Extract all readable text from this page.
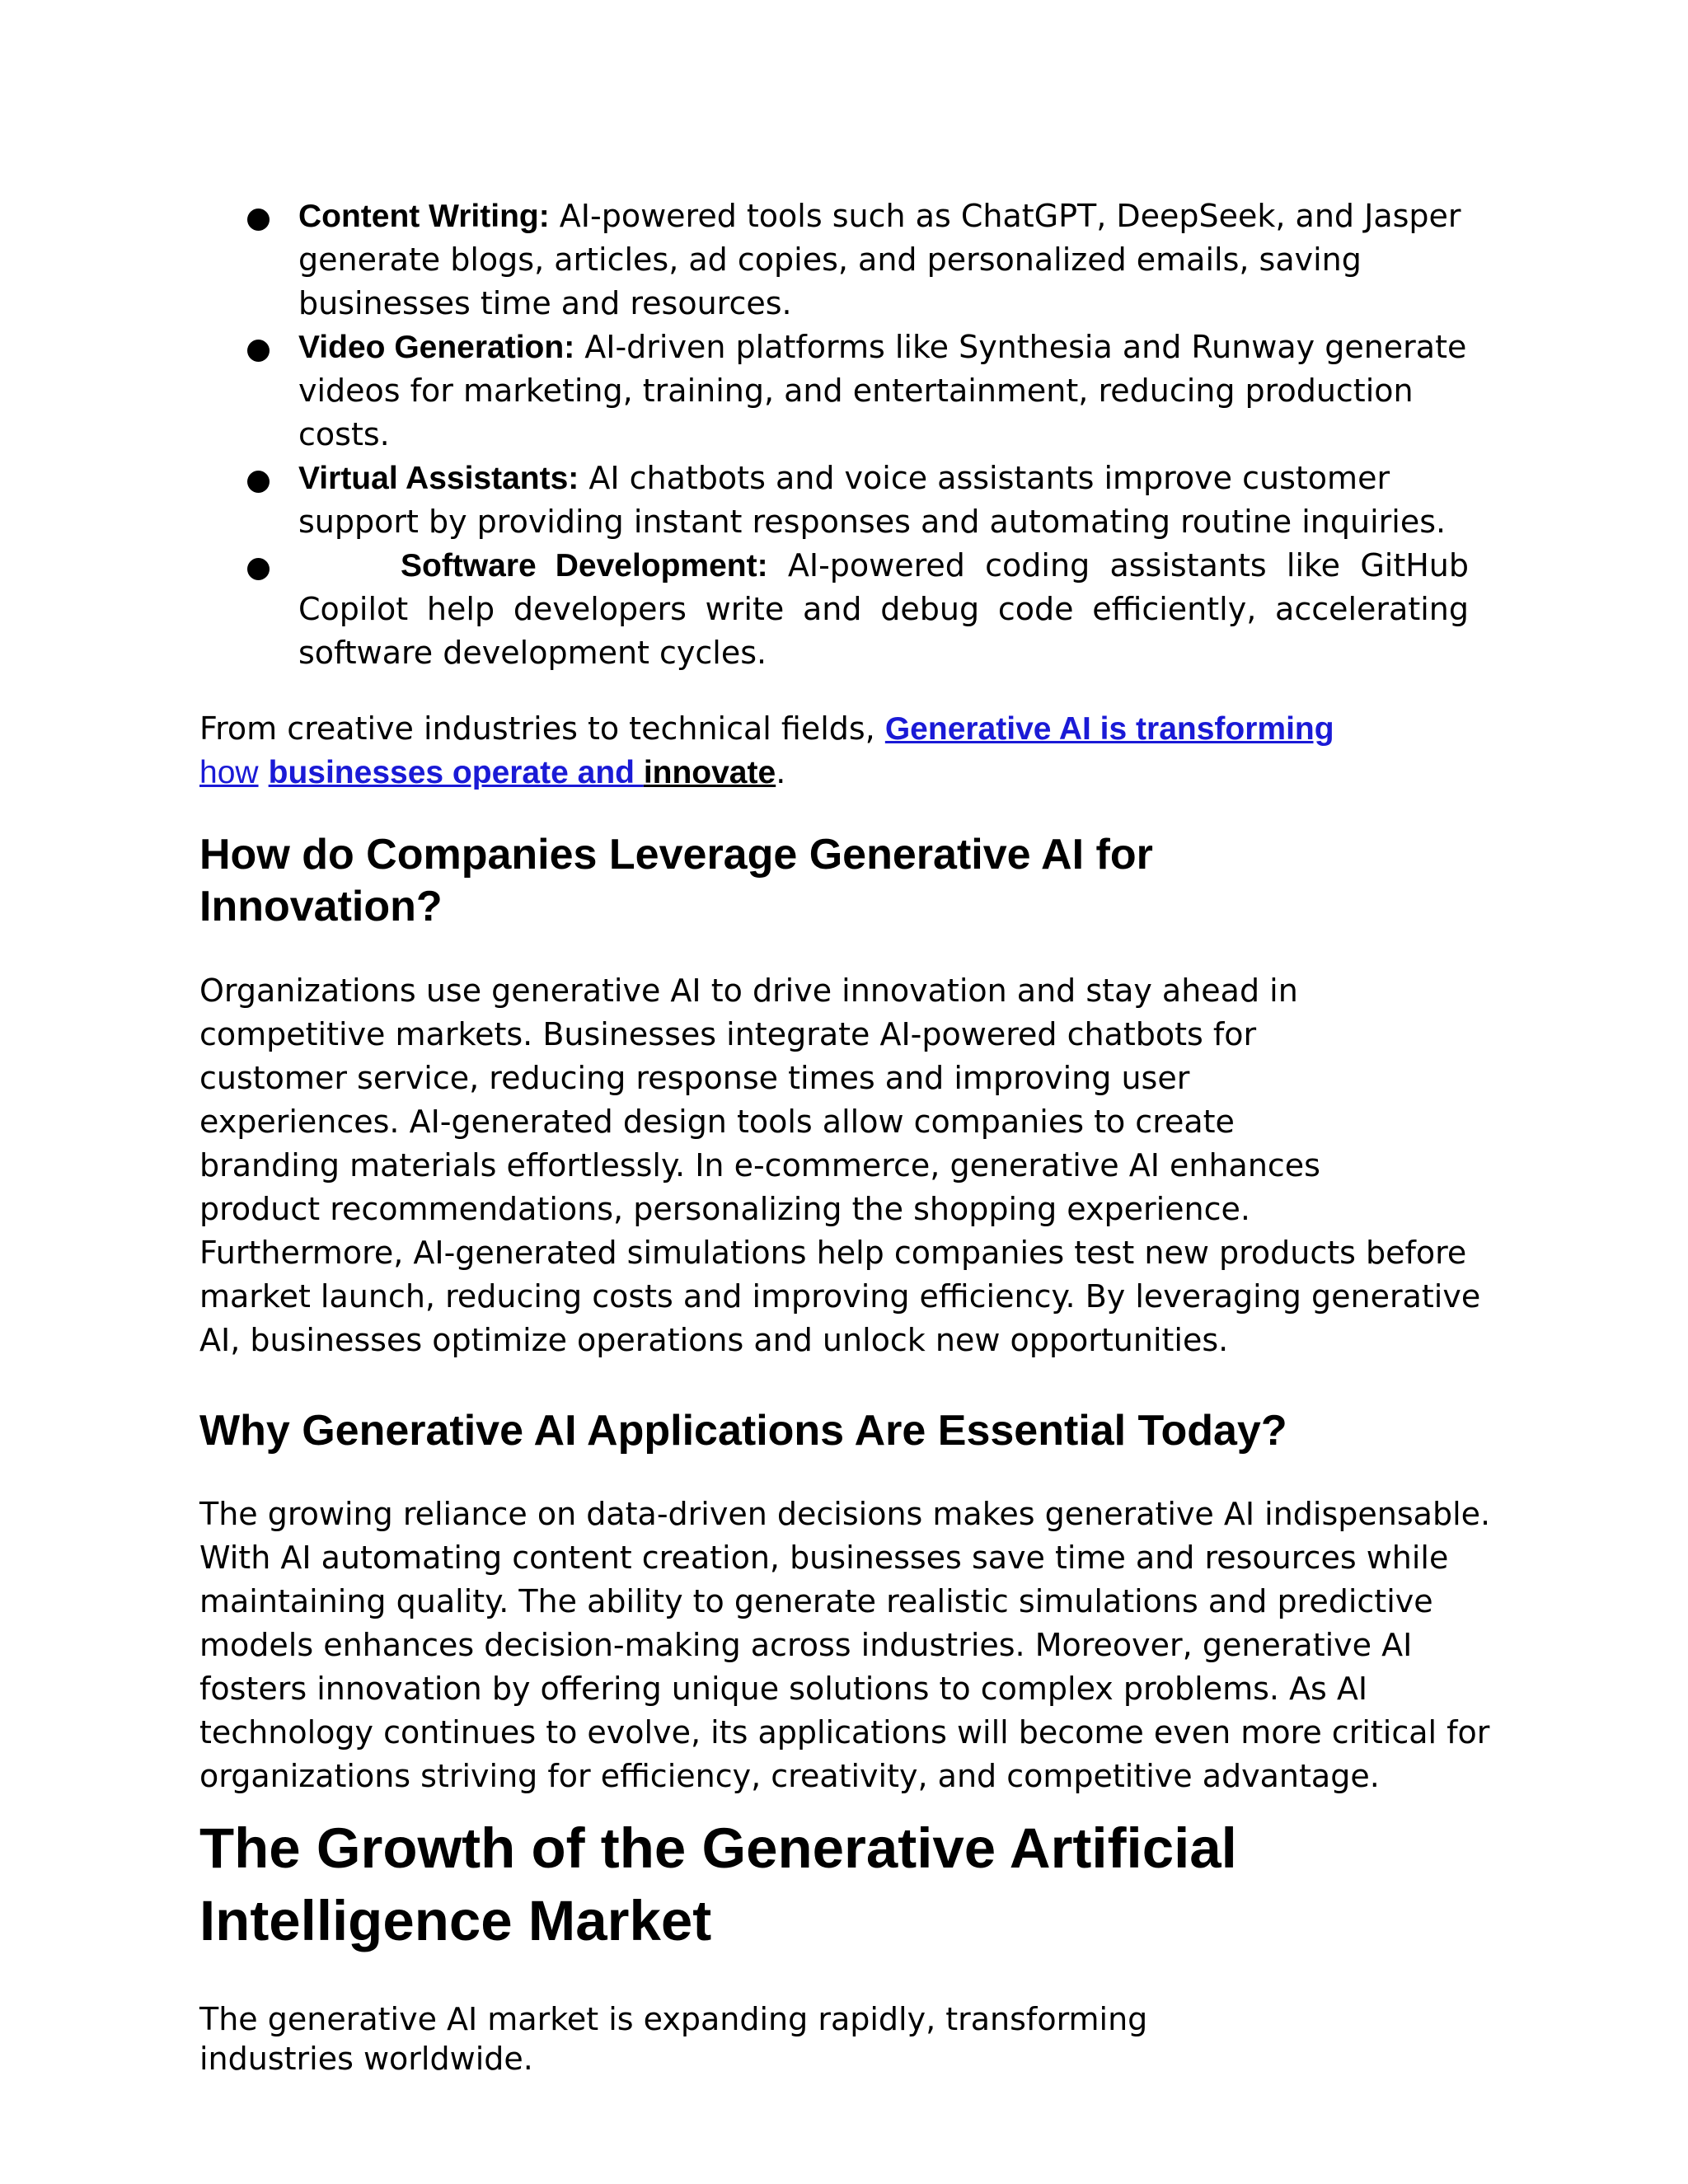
Content Writing: AI-powered tools such as ChatGPT, DeepSeek, and Jasper generate blogs, articles, ad copies, and personalized emails, saving businesses time and resources.
Video Generation: AI-driven platforms like Synthesia and Runway generate videos for marketing, training, and entertainment, reducing production costs.
Virtual Assistants: AI chatbots and voice assistants improve customer support by providing instant responses and automating routine inquiries.
Software Development: AI-powered coding assistants like GitHub Copilot help developers write and debug code efficiently, accelerating software development cycles.

From creative industries to technical fields, Generative AI is transforming
how businesses operate and innovate.

How do Companies Leverage Generative AI for Innovation?

Organizations use generative AI to drive innovation and stay ahead in competitive markets. Businesses integrate AI-powered chatbots for customer service, reducing response times and improving user experiences. AI-generated design tools allow companies to create branding materials effortlessly. In e-commerce, generative AI enhances product recommendations, personalizing the shopping experience.

Furthermore, AI-generated simulations help companies test new products before market launch, reducing costs and improving efficiency. By leveraging generative AI, businesses optimize operations and unlock new opportunities.

Why Generative AI Applications Are Essential Today?

The growing reliance on data-driven decisions makes generative AI indispensable. With AI automating content creation, businesses save time and resources while maintaining quality. The ability to generate realistic simulations and predictive models enhances decision-making across industries. Moreover, generative AI fosters innovation by offering unique solutions to complex problems. As AI technology continues to evolve, its applications will become even more critical for organizations striving for efficiency, creativity, and competitive advantage.

The Growth of the Generative Artificial Intelligence Market

The generative AI market is expanding rapidly, transforming industries worldwide.
